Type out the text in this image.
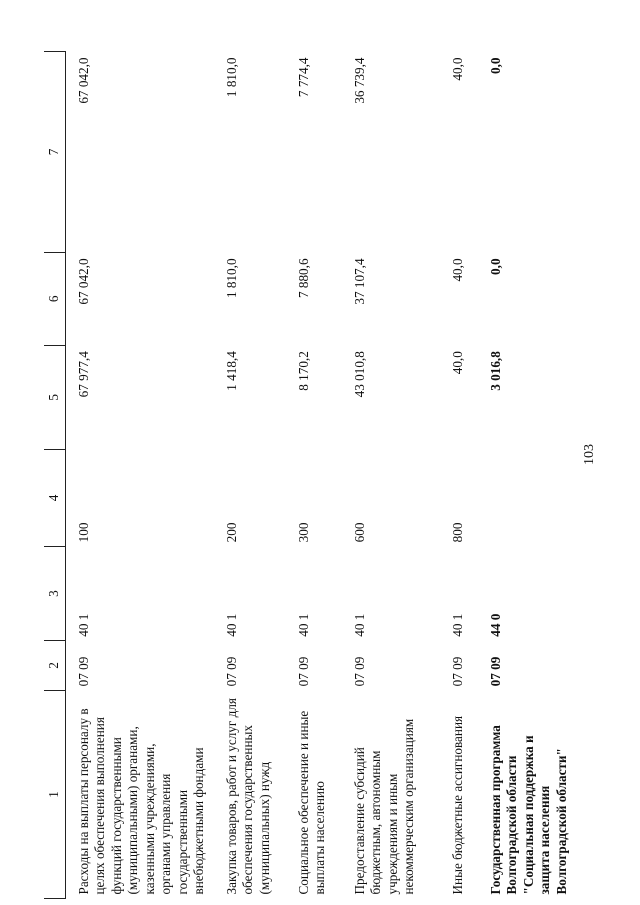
103
1	2	3	4	5	6	7
Расходы на выплаты персоналу в целях обеспечения выполнения функций государственными (муниципальными) органами, казенными учреждениями, органами управления государственными внебюджетными фондами	07 09	40 1	100	67 977,4	67 042,0	67 042,0
Закупка товаров, работ и услуг для обеспечения государственных (муниципальных) нужд	07 09	40 1	200	1 418,4	1 810,0	1 810,0
Социальное обеспечение и иные выплаты населению	07 09	40 1	300	8 170,2	7 880,6	7 774,4
Предоставление субсидий бюджетным, автономным учреждениям и иным некоммерческим организациям	07 09	40 1	600	43 010,8	37 107,4	36 739,4
Иные бюджетные ассигнования	07 09	40 1	800	40,0	40,0	40,0
Государственная программа Волгоградской области "Социальная поддержка и защита населения Волгоградской области"	07 09	44 0		3 016,8	0,0	0,0
